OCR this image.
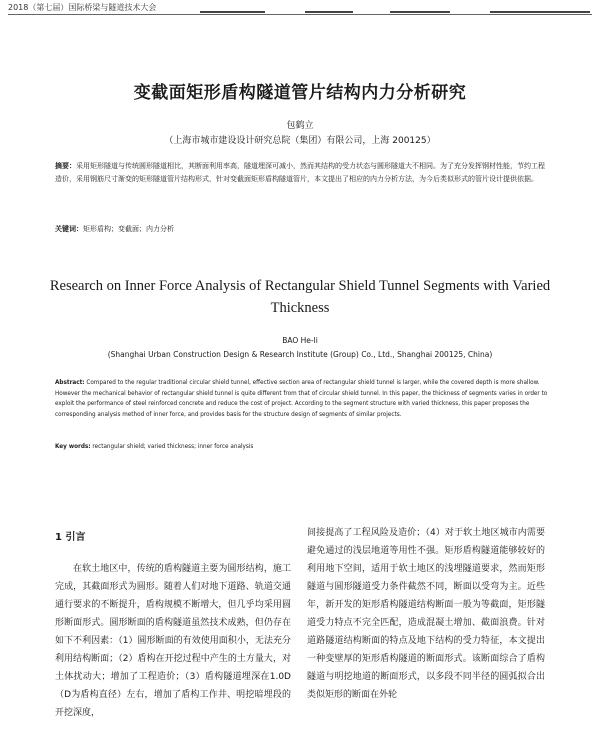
2018（第七届）国际桥梁与隧道技术大会
变截面矩形盾构隧道管片结构内力分析研究
包鹤立
（上海市城市建设设计研究总院（集团）有限公司，上海 200125）
摘要：采用矩形隧道与传统圆形隧道相比，其断面利用率高，隧道埋深可减小，然而其结构的受力状态与圆形隧道大不相同。为了充分发挥钢材性能，节约工程造价，采用钢筋尺寸渐变的矩形隧道管片结构形式，针对变截面矩形盾构隧道管片，本文提出了相应的内力分析方法，为今后类似形式的管片设计提供依据。
关键词：矩形盾构；变截面；内力分析
Research on Inner Force Analysis of Rectangular Shield Tunnel Segments with Varied Thickness
BAO He-li
(Shanghai Urban Construction Design & Research Institute (Group) Co., Ltd., Shanghai 200125, China)
Abstract: Compared to the regular traditional circular shield tunnel, effective section area of rectangular shield tunnel is larger, while the covered depth is more shallow. However the mechanical behavior of rectangular shield tunnel is quite different from that of circular shield tunnel. In this paper, the thickness of segments varies in order to exploit the performance of steel reinforced concrete and reduce the cost of project. According to the segment structure with varied thickness, this paper proposes the corresponding analysis method of inner force, and provides basis for the structure design of segments of similar projects.
Key words: rectangular shield; varied thickness; inner force analysis
1 引言
在软土地区中，传统的盾构隧道主要为圆形结构，施工完成，其截面形式为圆形。随着人们对地下道路、轨道交通通行要求的不断提升，盾构规模不断增大，但几乎均采用圆形断面形式。圆形断面的盾构隧道虽然技术成熟，但仍存在如下不利因素：（1）圆形断面的有效使用面积小，无法充分利用结构断面；（2）盾构在开挖过程中产生的土方量大，对土体扰动大；增加了工程造价；（3）盾构隧道埋深在1.0D（D为盾构直径）左右，增加了盾构工作井、明挖暗埋段的开挖深度，
间接提高了工程风险及造价；（4）对于软土地区城市内需要避免通过的浅层地道等用性不强。矩形盾构隧道能够较好的利用地下空间，适用于软土地区的浅埋隧道要求，然而矩形隧道与圆形隧道受力条件截然不同，断面以受弯为主。近些年，新开发的矩形盾构隧道结构断面一般为等截面，矩形隧道受力特点不完全匹配，造成混凝土增加、截面浪费。针对道路隧道结构断面的特点及地下结构的受力特征，本文提出一种变壁厚的矩形盾构隧道的断面形式。该断面综合了盾构隧道与明挖地道的断面形式，以多段不同半径的圆弧拟合出类似矩形的断面在外轮
